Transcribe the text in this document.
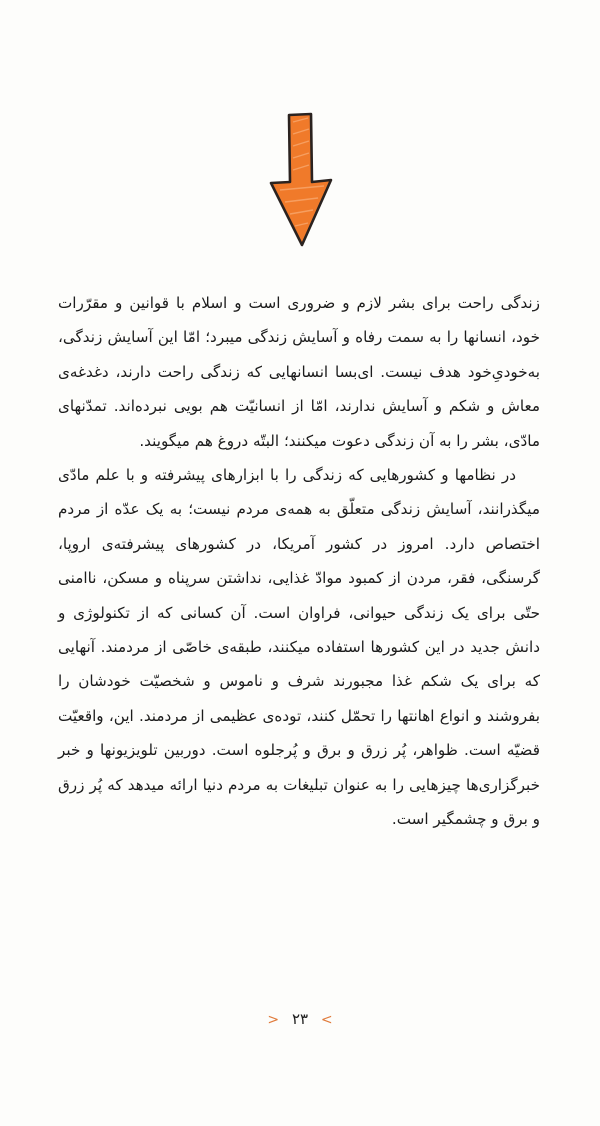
زندگی راحت برای بشر لازم و ضروری است و اسلام با قوانین و مقرّرات خود، انسانها را به سمت رفاه و آسایش زندگی میبرد؛ امّا این آسایش زندگی، به‌خودیِ‌خود هدف نیست. ای‌بسا انسانهایی که زندگی راحت دارند، دغدغه‌ی معاش و شکم و آسایش ندارند، امّا از انسانیّت هم بویی نبرده‌اند. تمدّنهای مادّی، بشر را به آن زندگی دعوت میکنند؛ البتّه دروغ هم میگویند.

در نظامها و کشورهایی که زندگی را با ابزارهای پیشرفته و با علم مادّی میگذرانند، آسایش زندگی متعلّق به همه‌ی مردم نیست؛ به یک عدّه از مردم اختصاص دارد. امروز در کشور آمریکا، در کشورهای پیشرفته‌ی اروپا، گرسنگی، فقر، مردن از کمبود موادّ غذایی، نداشتن سرپناه و مسکن، ناامنی حتّی برای یک زندگی حیوانی، فراوان است. آن کسانی که از تکنولوژی و دانش جدید در این کشورها استفاده میکنند، طبقه‌ی خاصّی از مردمند. آنهایی که برای یک شکم غذا مجبورند شرف و ناموس و شخصیّت خودشان را بفروشند و انواع اهانتها را تحمّل کنند، توده‌ی عظیمی از مردمند. این، واقعیّت قضیّه است. ظواهر، پُر زرق و برق و پُرجلوه است. دوربین تلویزیونها و خبر خبرگزاری‌ها چیزهایی را به عنوان تبلیغات به مردم دنیا ارائه میدهد که پُر زرق و برق و چشمگیر است.

> ۲۳ <
